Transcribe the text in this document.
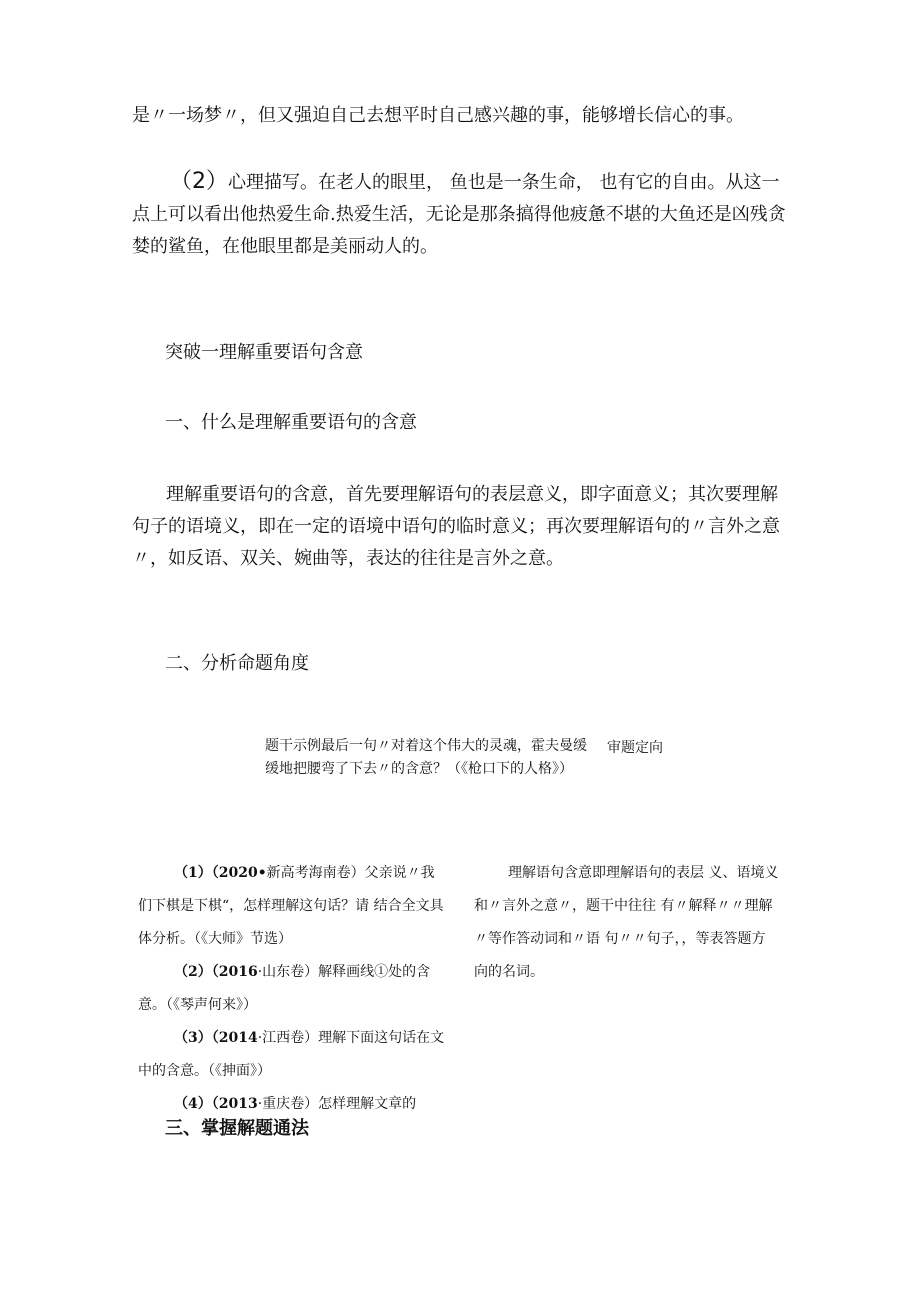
是〃一场梦〃，但又强迫自己去想平时自己感兴趣的事，能够增长信心的事。

（2）心理描写。在老人的眼里， 鱼也是一条生命， 也有它的自由。从这一点上可以看出他热爱生命.热爱生活，无论是那条搞得他疲惫不堪的大鱼还是凶残贪婪的鲨鱼，在他眼里都是美丽动人的。

突破一理解重要语句含意

一、什么是理解重要语句的含意

理解重要语句的含意，首先要理解语句的表层意义，即字面意义；其次要理解句子的语境义，即在一定的语境中语句的临时意义；再次要理解语句的〃言外之意〃，如反语、双关、婉曲等，表达的往往是言外之意。

二、分析命题角度

题干示例最后一句〃对着这个伟大的灵魂，霍夫曼缓缓地把腰弯了下去〃的含意？（《枪口下的人格》）

审题定向

（1）（2020•新高考海南卷）父亲说〃我们下棋是下棋“，怎样理解这句话？请 结合全文具体分析。（《大师》节选）
（2）（2016·山东卷）解释画线①处的含意。（《琴声何来》）
（3）（2014·江西卷）理解下面这句话在文中的含意。（《抻面》）
（4）（2013·重庆卷）怎样理解文章的

理解语句含意即理解语句的表层 义、语境义和〃言外之意〃，题干中往往 有〃解释〃〃理解〃等作答动词和〃语 句〃〃句子，，等表答题方向的名词。

三、掌握解题通法
